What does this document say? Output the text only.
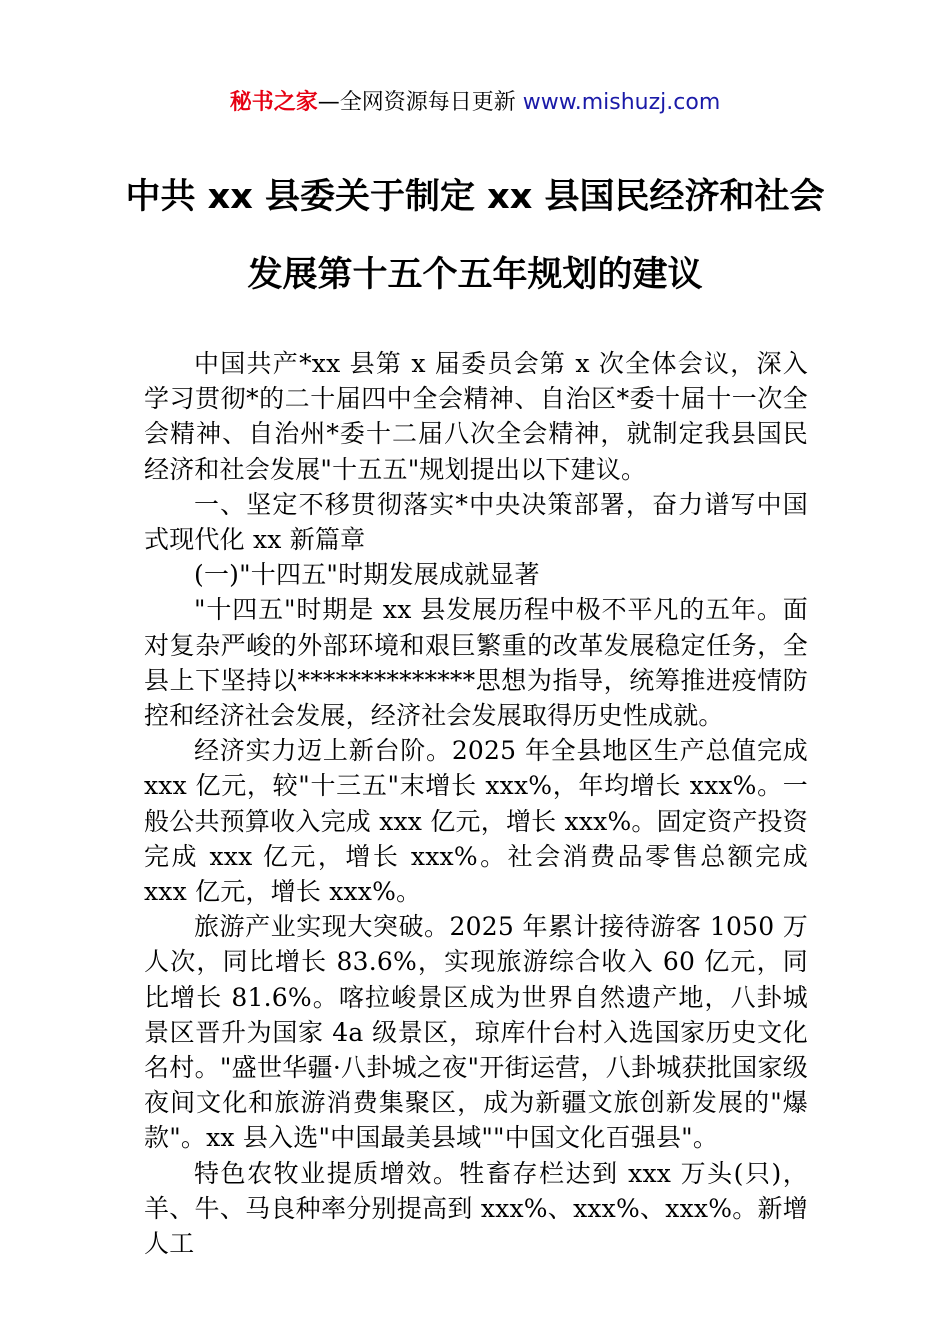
秘书之家—全网资源每日更新 www.mishuzj.com
中共 xx 县委关于制定 xx 县国民经济和社会
发展第十五个五年规划的建议

中国共产*xx 县第 x 届委员会第 x 次全体会议，深入学习贯彻*的二十届四中全会精神、自治区*委十届十一次全会精神、自治州*委十二届八次全会精神，就制定我县国民经济和社会发展"十五五"规划提出以下建议。

一、坚定不移贯彻落实*中央决策部署，奋力谱写中国式现代化 xx 新篇章

(一)"十四五"时期发展成就显著

"十四五"时期是 xx 县发展历程中极不平凡的五年。面对复杂严峻的外部环境和艰巨繁重的改革发展稳定任务，全县上下坚持以**************思想为指导，统筹推进疫情防控和经济社会发展，经济社会发展取得历史性成就。

经济实力迈上新台阶。2025 年全县地区生产总值完成 xxx 亿元，较"十三五"末增长 xxx%，年均增长 xxx%。一般公共预算收入完成 xxx 亿元，增长 xxx%。固定资产投资完成 xxx 亿元，增长 xxx%。社会消费品零售总额完成 xxx 亿元，增长 xxx%。

旅游产业实现大突破。2025 年累计接待游客 1050 万人次，同比增长 83.6%，实现旅游综合收入 60 亿元，同比增长 81.6%。喀拉峻景区成为世界自然遗产地，八卦城景区晋升为国家 4a 级景区，琼库什台村入选国家历史文化名村。"盛世华疆·八卦城之夜"开街运营，八卦城获批国家级夜间文化和旅游消费集聚区，成为新疆文旅创新发展的"爆款"。xx 县入选"中国最美县域""中国文化百强县"。

特色农牧业提质增效。牲畜存栏达到 xxx 万头(只)，羊、牛、马良种率分别提高到 xxx%、xxx%、xxx%。新增人工
